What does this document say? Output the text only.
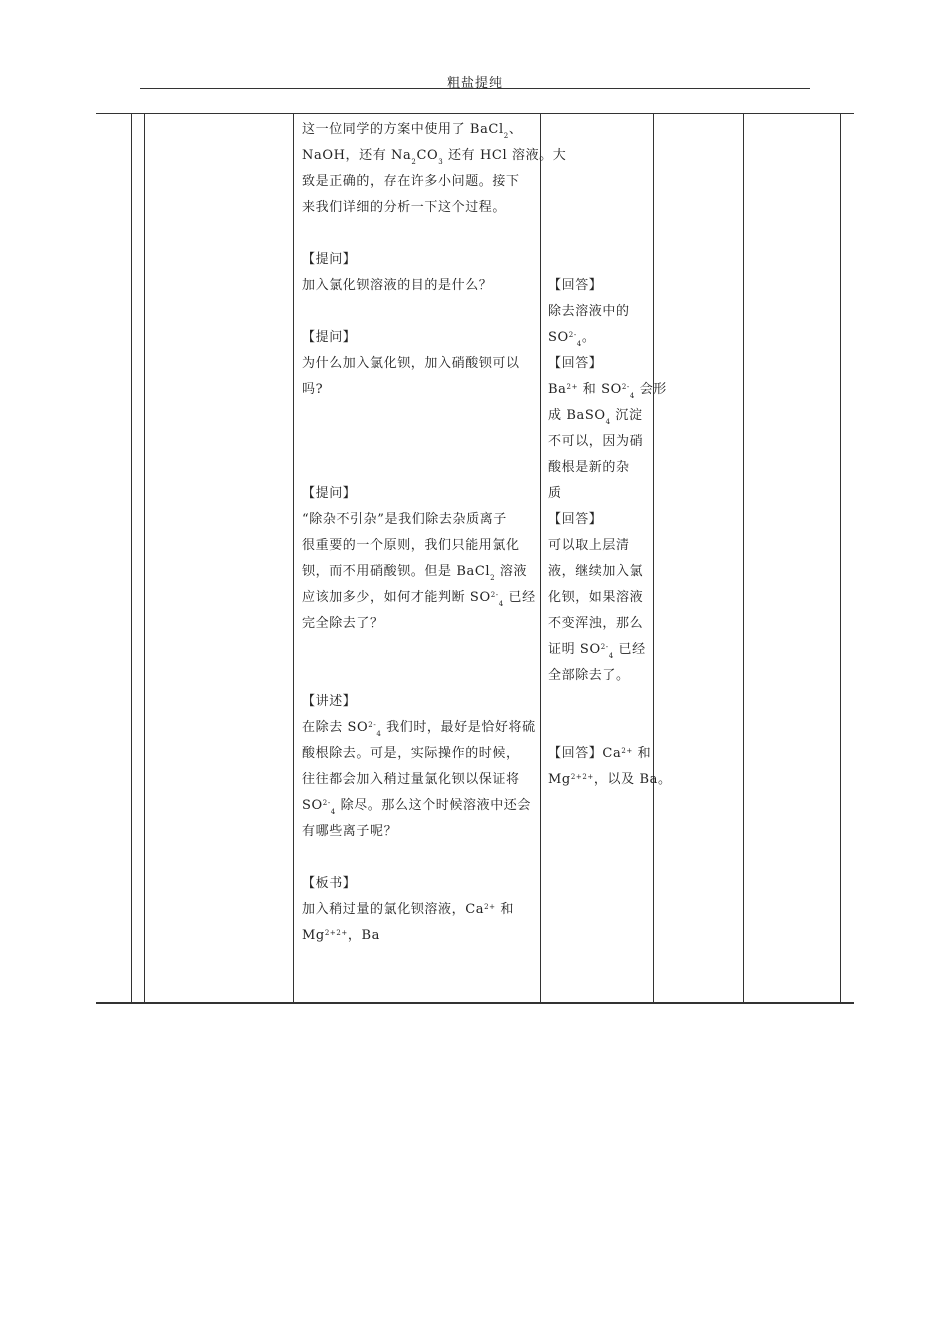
粗盐提纯
这一位同学的方案中使用了 BaCl$_2$、
NaOH，还有 $Na_2CO_3$ 还有 HCl 溶液。大
致是正确的，存在许多小问题。接下
来我们详细的分析一下这个过程。
【提问】
加入氯化钡溶液的目的是什么？
【提问】
为什么加入氯化钡，加入硝酸钡可以
吗?
【提问】
“除杂不引杂”是我们除去杂质离子
很重要的一个原则，我们只能用氯化
钡，而不用硝酸钡。但是 BaCl$_2$ 溶液
应该加多少，如何才能判断 $SO^{2-}_4$ 已经
完全除去了？
【讲述】
在除去 $SO^{2-}_4$ 我们时，最好是恰好将硫
酸根除去。可是，实际操作的时候，
往往都会加入稍过量氯化钡以保证将
$SO^{2-}_4$ 除尽。那么这个时候溶液中还会
有哪些离子呢？
【板书】
加入稍过量的氯化钡溶液，$Ca^{2+}$ 和
$Mg^{2+2+}$，Ba
【回答】
除去溶液中的
$SO^{2-}_4$。
【回答】
$Ba^{2+}$ 和 $SO^{2-}_4$ 会形
成 BaSO$_4$ 沉淀
不可以，因为硝
酸根是新的杂
质
【回答】
可以取上层清
液，继续加入氯
化钡，如果溶液
不变浑浊，那么
证明 $SO^{2-}_4$ 已经
全部除去了。
【回答】$Ca^{2+}$ 和
$Mg^{2+2+}$，以及 Ba。
